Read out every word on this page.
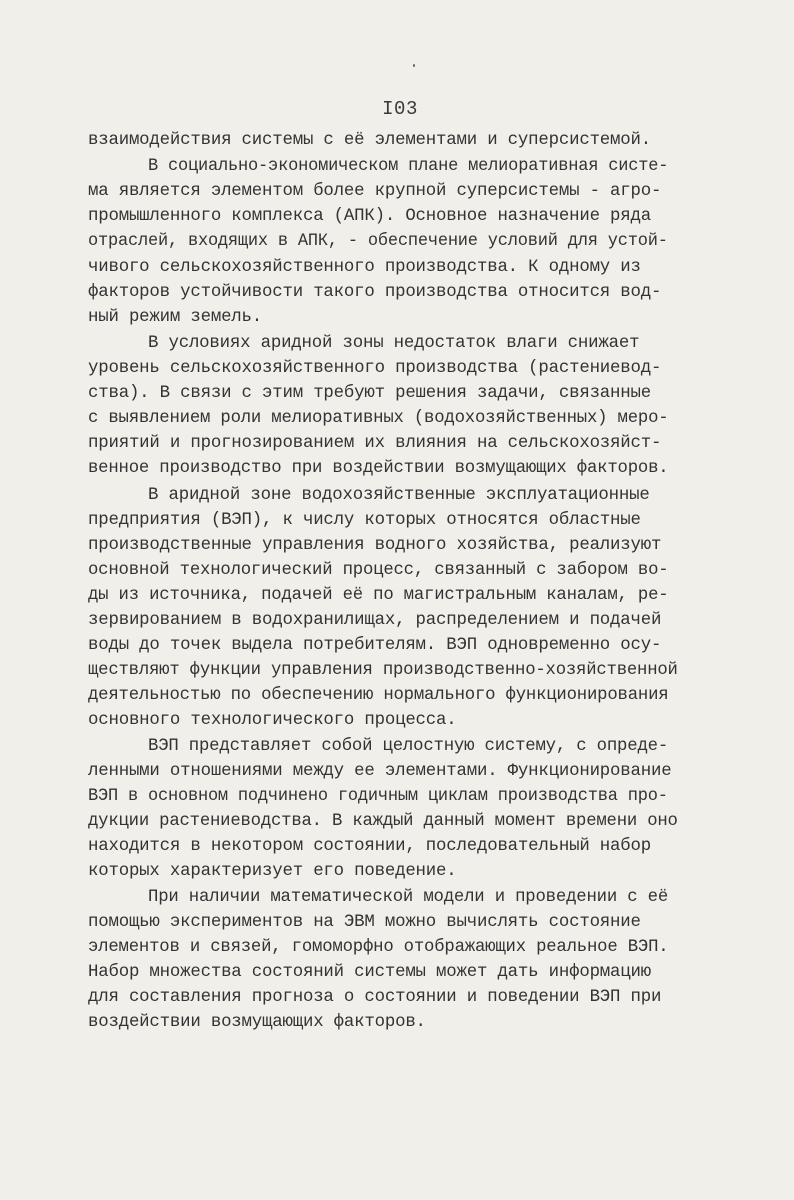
I03
взаимодействия системы с её элементами и суперсистемой.
В социально-экономическом плане мелиоративная систе-
ма является элементом более крупной суперсистемы - агро-
промышленного комплекса (АПК). Основное назначение ряда
отраслей, входящих в АПК, - обеспечение условий для устой-
чивого сельскохозяйственного производства. К одному из
факторов устойчивости такого производства относится вод-
ный режим земель.
В условиях аридной зоны недостаток влаги снижает
уровень сельскохозяйственного производства (растениевод-
ства). В связи с этим требуют решения задачи, связанные
с выявлением роли мелиоративных (водохозяйственных) меро-
приятий и прогнозированием их влияния на сельскохозяйст-
венное производство при воздействии возмущающих факторов.
В аридной зоне водохозяйственные эксплуатационные
предприятия (ВЭП), к числу которых относятся областные
производственные управления водного хозяйства, реализуют
основной технологический процесс, связанный с забором во-
ды из источника, подачей её по магистральным каналам, ре-
зервированием в водохранилищах, распределением и подачей
воды до точек выдела потребителям. ВЭП одновременно осу-
ществляют функции управления производственно-хозяйственной
деятельностью по обеспечению нормального функционирования
основного технологического процесса.
ВЭП представляет собой целостную систему, с опреде-
ленными отношениями между ее элементами. Функционирование
ВЭП в основном подчинено годичным циклам производства про-
дукции растениеводства. В каждый данный момент времени оно
находится в некотором состоянии, последовательный набор
которых характеризует его поведение.
При наличии математической модели и проведении с её
помощью экспериментов на ЭВМ можно вычислять состояние
элементов и связей, гомоморфно отображающих реальное ВЭП.
Набор множества состояний системы может дать информацию
для составления прогноза о состоянии и поведении ВЭП при
воздействии возмущающих факторов.
